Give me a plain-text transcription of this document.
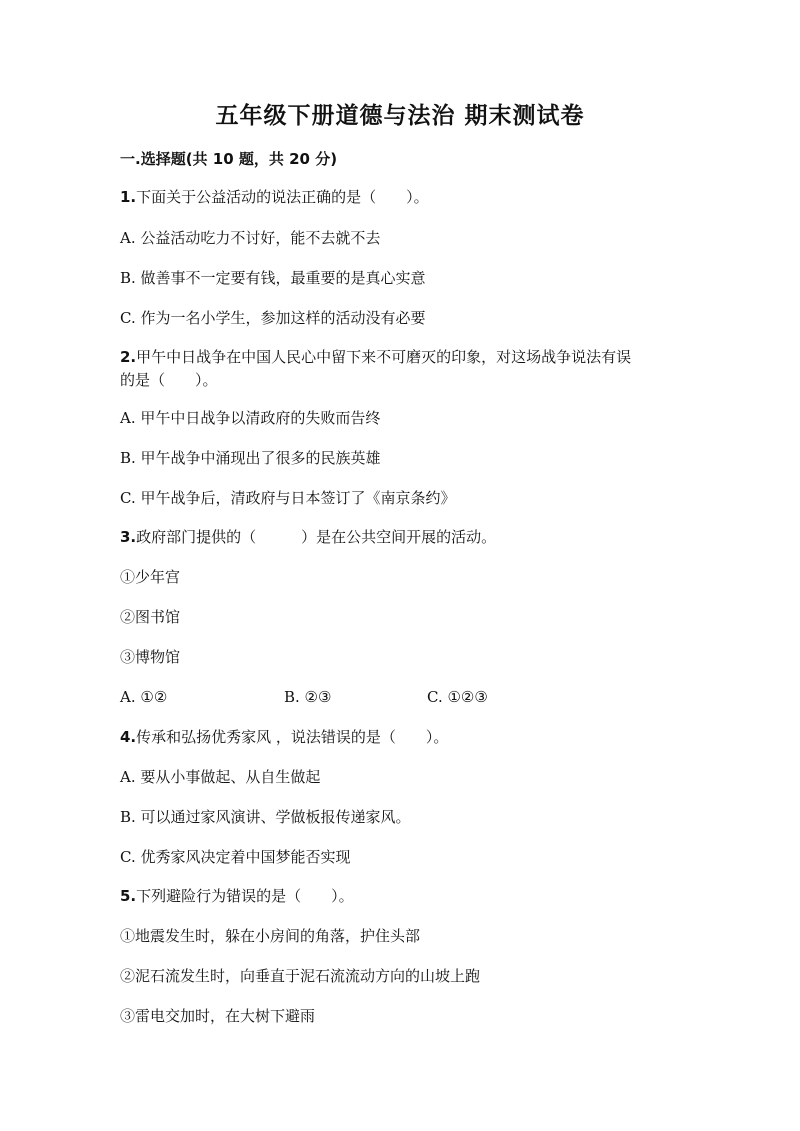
五年级下册道德与法治 期末测试卷
一.选择题(共 10 题，共 20 分)
1.下面关于公益活动的说法正确的是（　　）。
A. 公益活动吃力不讨好，能不去就不去
B. 做善事不一定要有钱，最重要的是真心实意
C. 作为一名小学生，参加这样的活动没有必要
2.甲午中日战争在中国人民心中留下来不可磨灭的印象，对这场战争说法有误
的是（　　）。
A. 甲午中日战争以清政府的失败而告终
B. 甲午战争中涌现出了很多的民族英雄
C. 甲午战争后，清政府与日本签订了《南京条约》
3.政府部门提供的（　　　）是在公共空间开展的活动。
①少年宫
②图书馆
③博物馆
A. ①②	B. ②③	C. ①②③
4.传承和弘扬优秀家风 ，说法错误的是（　　）。
A. 要从小事做起、从自生做起
B. 可以通过家风演讲、学做板报传递家风。
C. 优秀家风决定着中国梦能否实现
5.下列避险行为错误的是（　　）。
①地震发生时，躲在小房间的角落，护住头部
②泥石流发生时，向垂直于泥石流流动方向的山坡上跑
③雷电交加时，在大树下避雨
